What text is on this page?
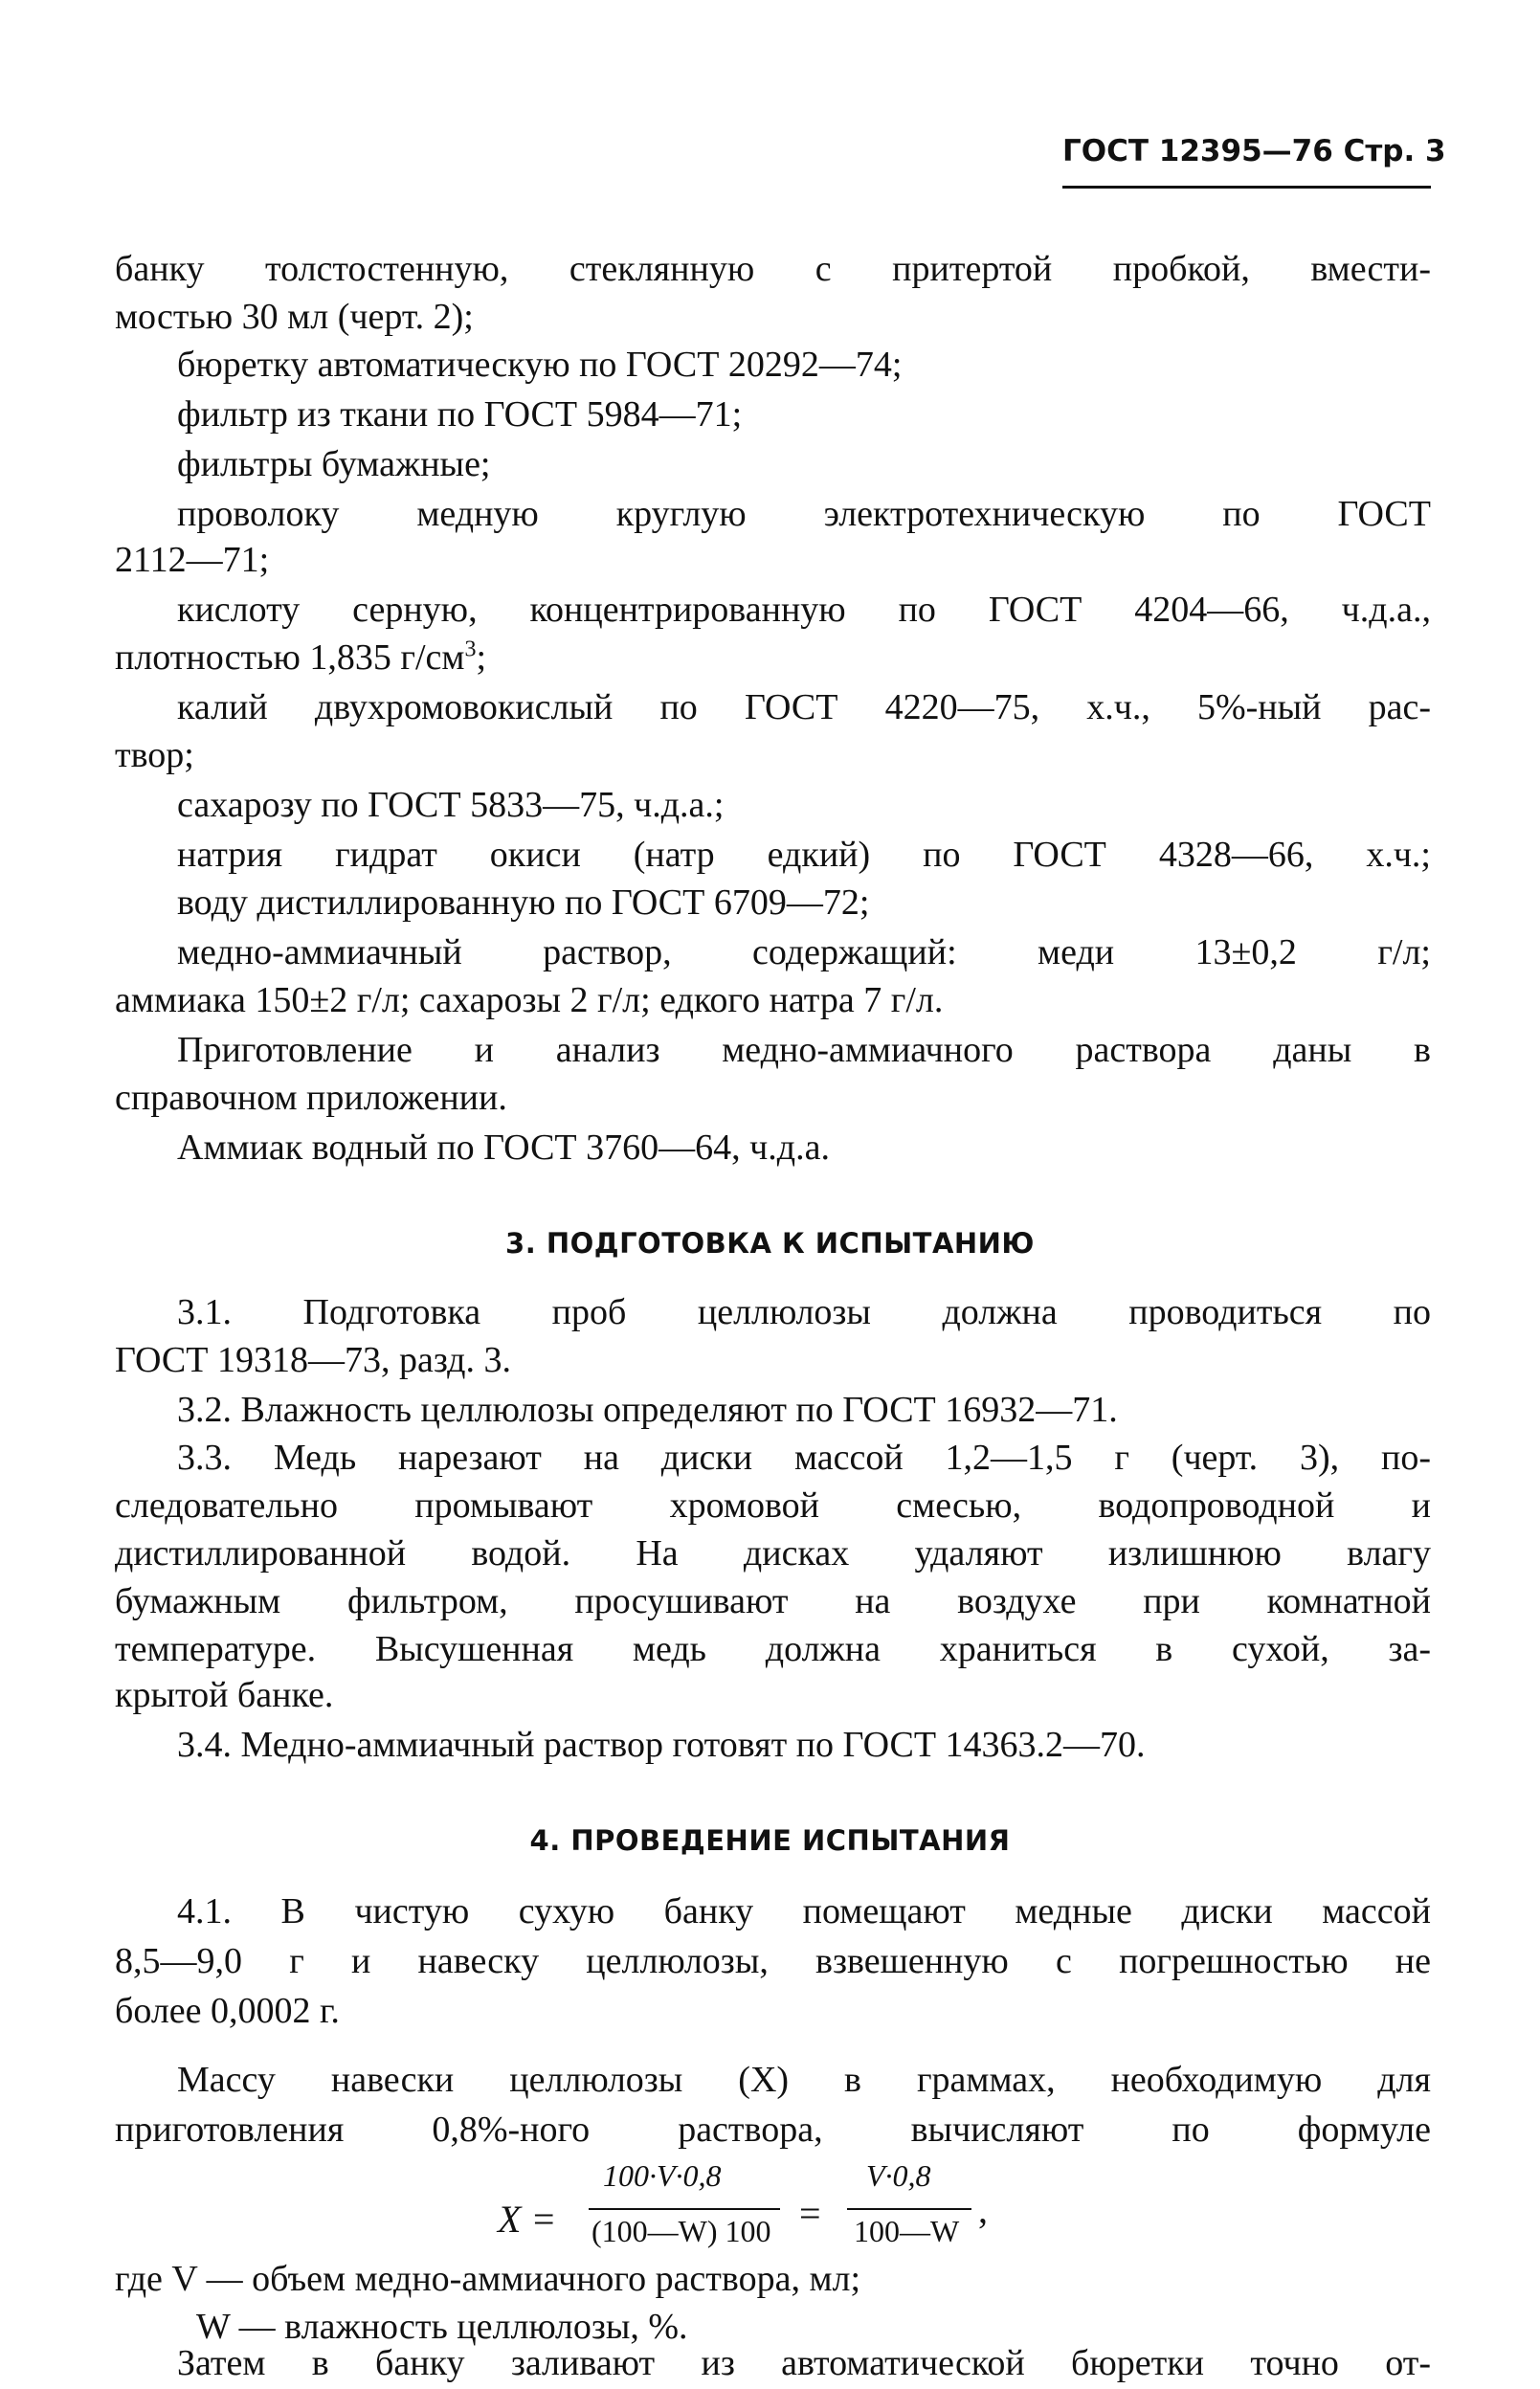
ГОСТ 12395—76 Стр. 3
банку толстостенную, стеклянную с притертой пробкой, вмести-
мостью 30 мл (черт. 2);
бюретку автоматическую по ГОСТ 20292—74;
фильтр из ткани по ГОСТ 5984—71;
фильтры бумажные;
проволоку медную круглую электротехническую по ГОСТ
2112—71;
кислоту серную, концентрированную по ГОСТ 4204—66, ч.д.а.,
плотностью 1,835 $г/см^3$;
калий двухромовокислый по ГОСТ 4220—75, х.ч., 5%-ный рас-
твор;
сахарозу по ГОСТ 5833—75, ч.д.а.;
натрия гидрат окиси (натр едкий) по ГОСТ 4328—66, х.ч.;
воду дистиллированную по ГОСТ 6709—72;
медно-аммиачный раствор, содержащий: меди 13±0,2 г/л;
аммиака 150±2 г/л; сахарозы 2 г/л; едкого натра 7 г/л.
Приготовление и анализ медно-аммиачного раствора даны в
справочном приложении.
Аммиак водный по ГОСТ 3760—64, ч.д.а.
3. ПОДГОТОВКА К ИСПЫТАНИЮ
3.1. Подготовка проб целлюлозы должна проводиться по
ГОСТ 19318—73, разд. 3.
3.2. Влажность целлюлозы определяют по ГОСТ 16932—71.
3.3. Медь нарезают на диски массой 1,2—1,5 г (черт. 3), по-
следовательно промывают хромовой смесью, водопроводной и
дистиллированной водой. На дисках удаляют излишнюю влагу
бумажным фильтром, просушивают на воздухе при комнатной
температуре. Высушенная медь должна храниться в сухой, за-
крытой банке.
3.4. Медно-аммиачный раствор готовят по ГОСТ 14363.2—70.
4. ПРОВЕДЕНИЕ ИСПЫТАНИЯ
4.1. В чистую сухую банку помещают медные диски массой
8,5—9,0 г и навеску целлюлозы, взвешенную с погрешностью не
более 0,0002 г.
Массу навески целлюлозы (X) в граммах, необходимую для
приготовления 0,8%-ного раствора, вычисляют по формуле
X =
100·V·0,8
(100—W) 100 =
V·0,8
100—W ,
где V — объем медно-аммиачного раствора, мл;
W — влажность целлюлозы, %.
Затем в банку заливают из автоматической бюретки точно от-
